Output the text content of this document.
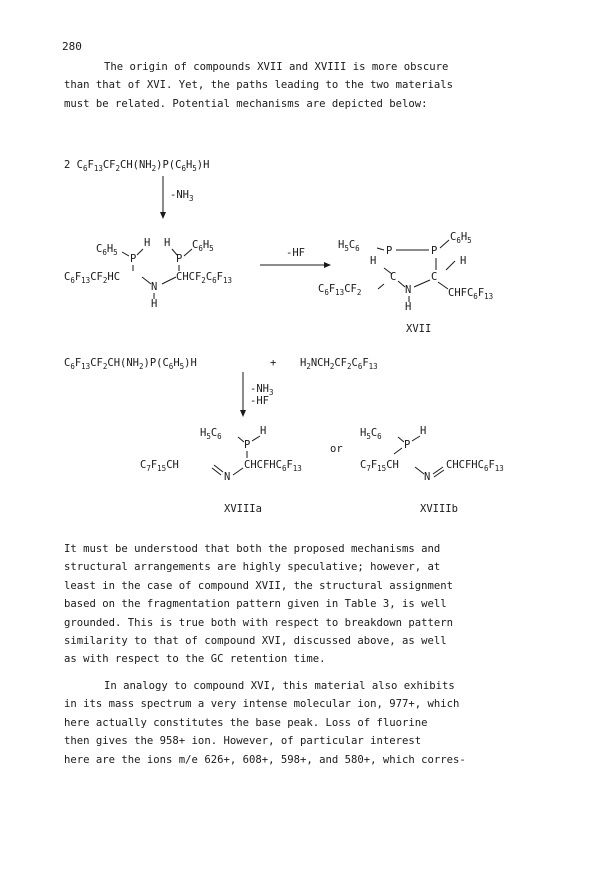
280
The origin of compounds XVII and XVIII is more obscure
than that of XVI. Yet, the paths leading to the two materials
must be related. Potential mechanisms are depicted below:
2 $C_6F_{13}CF_2CH(NH_2)P(C_6H_5)H$
$-NH_3$
$C_6H_5$
P
H H
P
$C_6H_5$
$C_6F_{13}CF_2HC$	$CHCF_2C_6F_{13}$
N
H
-HF
$H_5C_6$	P	P
$C_6H_5$
H	H
C	C
$C_6F_{13}CF_2$	N	$CHFC_6F_{13}$
H
XVII
$C_6F_{13}CF_2CH(NH_2)P(C_6H_5)H$	+ $H_2NCH_2CF_2C_6F_{13}$
$-NH_3$
-HF
$H_5C_6$
P
H
$C_7F_{15}CH$
N
$CHCFHC_6F_{13}$
XVIIIa
or
$H_5C_6$
P
H
$C_7F_{15}CH$
N
$CHCFHC_6F_{13}$
XVIIIb
It must be understood that both the proposed mechanisms and
structural arrangements are highly speculative; however, at
least in the case of compound XVII, the structural assignment
based on the fragmentation pattern given in Table 3, is well
grounded. This is true both with respect to breakdown pattern
similarity to that of compound XVI, discussed above, as well
as with respect to the GC retention time.
In analogy to compound XVI, this material also exhibits
in its mass spectrum a very intense molecular ion, 977+, which
here actually constitutes the base peak. Loss of fluorine
then gives the 958+ ion. However, of particular interest
here are the ions m/e 626+, 608+, 598+, and 580+, which corres-
